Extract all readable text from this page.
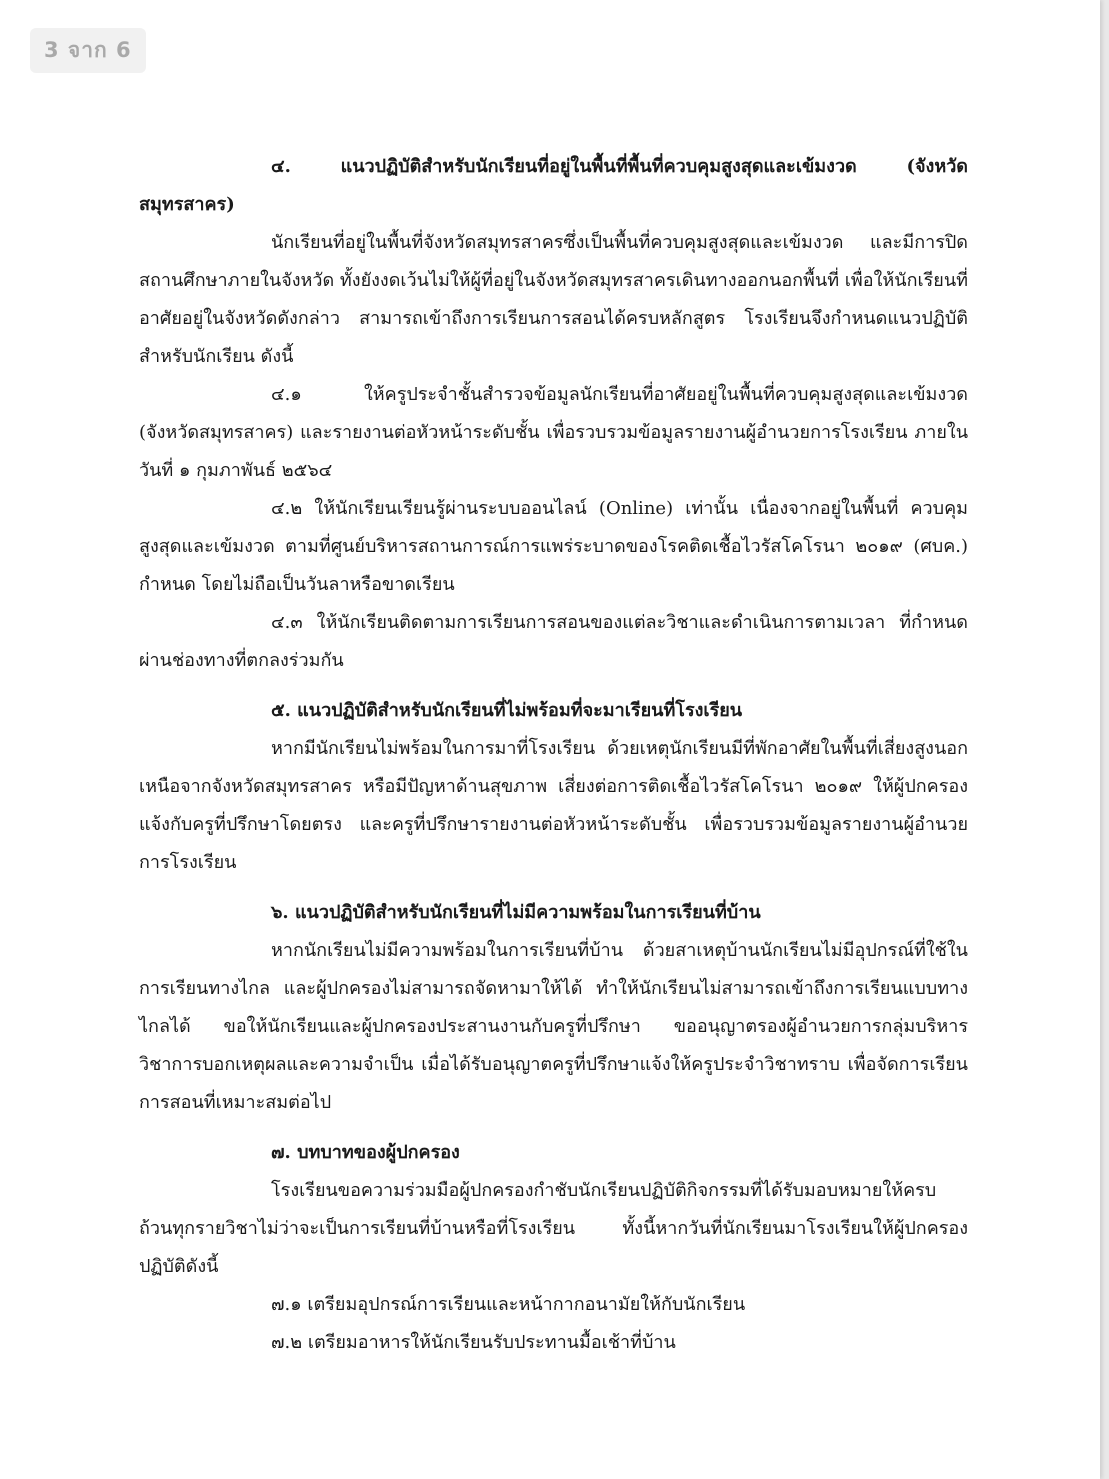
3 จาก 6

๔. แนวปฏิบัติสำหรับนักเรียนที่อยู่ในพื้นที่พื้นที่ควบคุมสูงสุดและเข้มงวด (จังหวัดสมุทรสาคร)

นักเรียนที่อยู่ในพื้นที่จังหวัดสมุทรสาครซึ่งเป็นพื้นที่ควบคุมสูงสุดและเข้มงวด และมีการปิดสถานศึกษาภายในจังหวัด ทั้งยังงดเว้นไม่ให้ผู้ที่อยู่ในจังหวัดสมุทรสาครเดินทางออกนอกพื้นที่ เพื่อให้นักเรียนที่อาศัยอยู่ในจังหวัดดังกล่าว สามารถเข้าถึงการเรียนการสอนได้ครบหลักสูตร โรงเรียนจึงกำหนดแนวปฏิบัติสำหรับนักเรียน ดังนี้

๔.๑ ให้ครูประจำชั้นสำรวจข้อมูลนักเรียนที่อาศัยอยู่ในพื้นที่ควบคุมสูงสุดและเข้มงวด (จังหวัดสมุทรสาคร) และรายงานต่อหัวหน้าระดับชั้น เพื่อรวบรวมข้อมูลรายงานผู้อำนวยการโรงเรียน ภายในวันที่ ๑ กุมภาพันธ์ ๒๕๖๔

๔.๒ ให้นักเรียนเรียนรู้ผ่านระบบออนไลน์ (Online) เท่านั้น เนื่องจากอยู่ในพื้นที่ ควบคุมสูงสุดและเข้มงวด ตามที่ศูนย์บริหารสถานการณ์การแพร่ระบาดของโรคติดเชื้อไวรัสโคโรนา ๒๐๑๙ (ศบค.) กำหนด โดยไม่ถือเป็นวันลาหรือขาดเรียน

๔.๓ ให้นักเรียนติดตามการเรียนการสอนของแต่ละวิชาและดำเนินการตามเวลา ที่กำหนดผ่านช่องทางที่ตกลงร่วมกัน

๕. แนวปฏิบัติสำหรับนักเรียนที่ไม่พร้อมที่จะมาเรียนที่โรงเรียน

หากมีนักเรียนไม่พร้อมในการมาที่โรงเรียน ด้วยเหตุนักเรียนมีที่พักอาศัยในพื้นที่เสี่ยงสูงนอกเหนือจากจังหวัดสมุทรสาคร หรือมีปัญหาด้านสุขภาพ เสี่ยงต่อการติดเชื้อไวรัสโคโรนา ๒๐๑๙ ให้ผู้ปกครองแจ้งกับครูที่ปรึกษาโดยตรง และครูที่ปรึกษารายงานต่อหัวหน้าระดับชั้น เพื่อรวบรวมข้อมูลรายงานผู้อำนวยการโรงเรียน

๖. แนวปฏิบัติสำหรับนักเรียนที่ไม่มีความพร้อมในการเรียนที่บ้าน

หากนักเรียนไม่มีความพร้อมในการเรียนที่บ้าน ด้วยสาเหตุบ้านนักเรียนไม่มีอุปกรณ์ที่ใช้ในการเรียนทางไกล และผู้ปกครองไม่สามารถจัดหามาให้ได้ ทำให้นักเรียนไม่สามารถเข้าถึงการเรียนแบบทางไกลได้ ขอให้นักเรียนและผู้ปกครองประสานงานกับครูที่ปรึกษา ขออนุญาตรองผู้อำนวยการกลุ่มบริหารวิชาการบอกเหตุผลและความจำเป็น เมื่อได้รับอนุญาตครูที่ปรึกษาแจ้งให้ครูประจำวิชาทราบ เพื่อจัดการเรียนการสอนที่เหมาะสมต่อไป

๗. บทบาทของผู้ปกครอง

โรงเรียนขอความร่วมมือผู้ปกครองกำชับนักเรียนปฏิบัติกิจกรรมที่ได้รับมอบหมายให้ครบถ้วนทุกรายวิชาไม่ว่าจะเป็นการเรียนที่บ้านหรือที่โรงเรียน ทั้งนี้หากวันที่นักเรียนมาโรงเรียนให้ผู้ปกครองปฏิบัติดังนี้

๗.๑ เตรียมอุปกรณ์การเรียนและหน้ากากอนามัยให้กับนักเรียน

๗.๒ เตรียมอาหารให้นักเรียนรับประทานมื้อเช้าที่บ้าน
